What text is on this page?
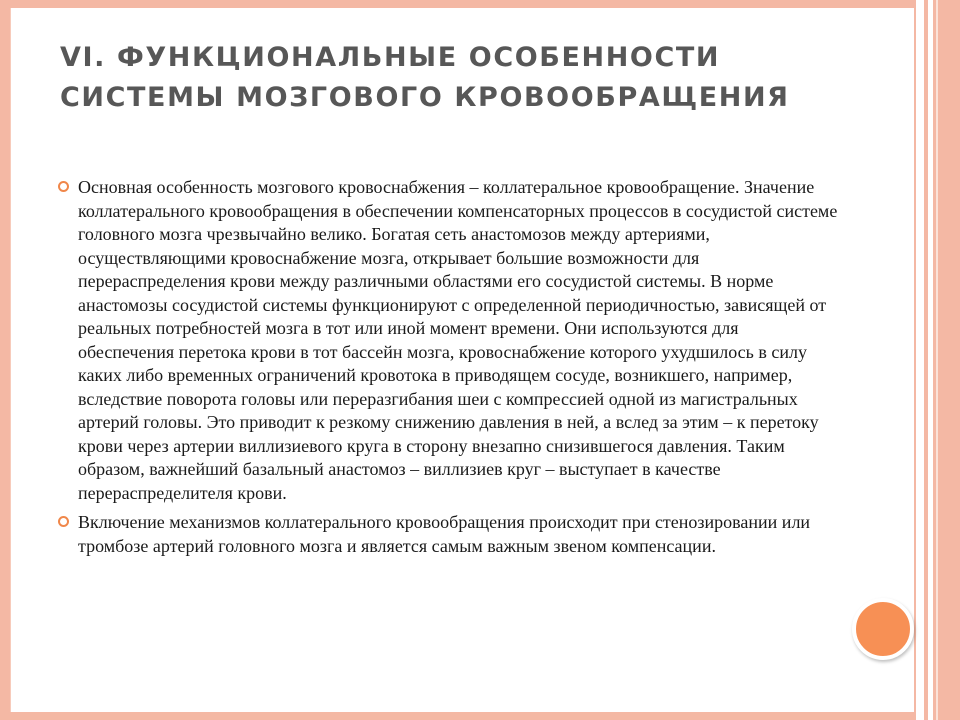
VI. ФУНКЦИОНАЛЬНЫЕ ОСОБЕННОСТИ
СИСТЕМЫ МОЗГОВОГО КРОВООБРАЩЕНИЯ
Основная особенность мозгового кровоснабжения – коллатеральное кровообращение. Значение коллатерального кровообращения в обеспечении компенсаторных процессов в сосудистой системе головного мозга чрезвычайно велико. Богатая сеть анастомозов между артериями, осуществляющими кровоснабжение мозга, открывает большие возможности для перераспределения крови между различными областями его сосудистой системы. В норме анастомозы сосудистой системы функционируют с определенной периодичностью, зависящей от реальных потребностей мозга в тот или иной момент времени. Они используются для обеспечения перетока крови в тот бассейн мозга, кровоснабжение которого ухудшилось в силу каких либо временных ограничений кровотока в приводящем сосуде, возникшего, например, вследствие поворота головы или переразгибания шеи с компрессией одной из магистральных артерий головы. Это приводит к резкому снижению давления в ней, а вслед за этим – к перетоку крови через артерии виллизиевого круга в сторону внезапно снизившегося давления. Таким образом, важнейший базальный анастомоз – виллизиев круг – выступает в качестве перераспределителя крови.
Включение механизмов коллатерального кровообращения происходит при стенозировании или тромбозе артерий головного мозга и является самым важным звеном компенсации.
